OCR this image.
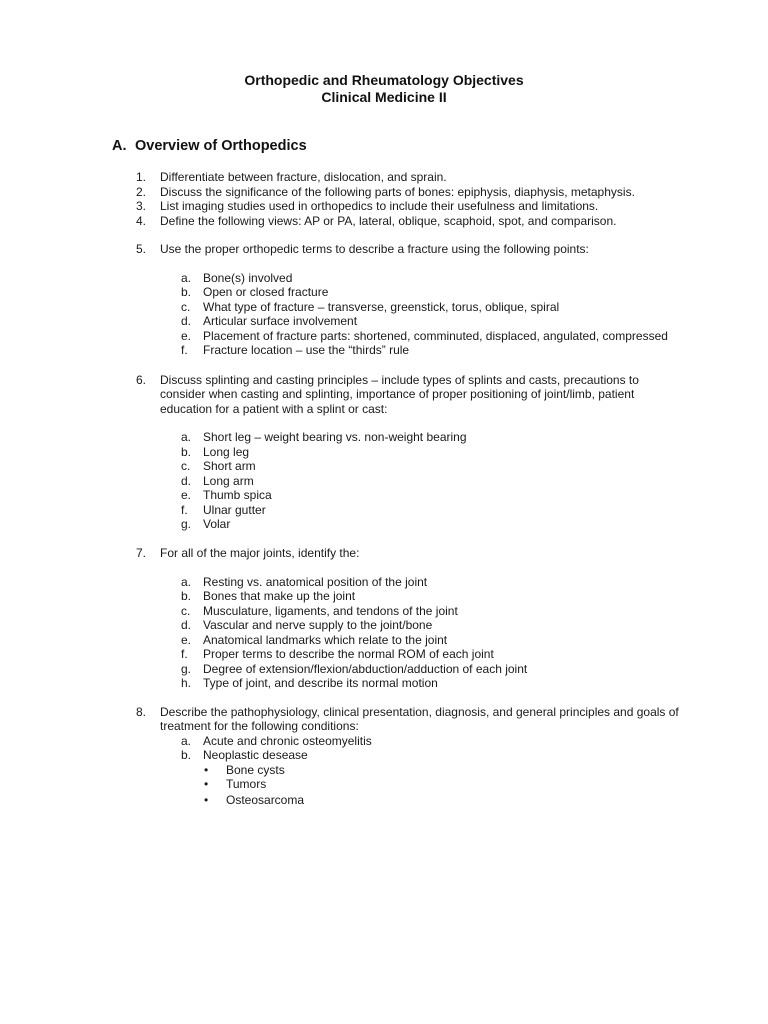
Orthopedic and Rheumatology Objectives
Clinical Medicine II
A. Overview of Orthopedics
1. Differentiate between fracture, dislocation, and sprain.
2. Discuss the significance of the following parts of bones: epiphysis, diaphysis, metaphysis.
3. List imaging studies used in orthopedics to include their usefulness and limitations.
4. Define the following views: AP or PA, lateral, oblique, scaphoid, spot, and comparison.
5. Use the proper orthopedic terms to describe a fracture using the following points:
a. Bone(s) involved
b. Open or closed fracture
c. What type of fracture – transverse, greenstick, torus, oblique, spiral
d. Articular surface involvement
e. Placement of fracture parts: shortened, comminuted, displaced, angulated, compressed
f. Fracture location – use the “thirds” rule
6. Discuss splinting and casting principles – include types of splints and casts, precautions to
consider when casting and splinting, importance of proper positioning of joint/limb, patient
education for a patient with a splint or cast:
a. Short leg – weight bearing vs. non-weight bearing
b. Long leg
c. Short arm
d. Long arm
e. Thumb spica
f. Ulnar gutter
g. Volar
7. For all of the major joints, identify the:
a. Resting vs. anatomical position of the joint
b. Bones that make up the joint
c. Musculature, ligaments, and tendons of the joint
d. Vascular and nerve supply to the joint/bone
e. Anatomical landmarks which relate to the joint
f. Proper terms to describe the normal ROM of each joint
g. Degree of extension/flexion/abduction/adduction of each joint
h. Type of joint, and describe its normal motion
8. Describe the pathophysiology, clinical presentation, diagnosis, and general principles and goals of
treatment for the following conditions:
a. Acute and chronic osteomyelitis
b. Neoplastic desease
• Bone cysts
• Tumors
• Osteosarcoma
